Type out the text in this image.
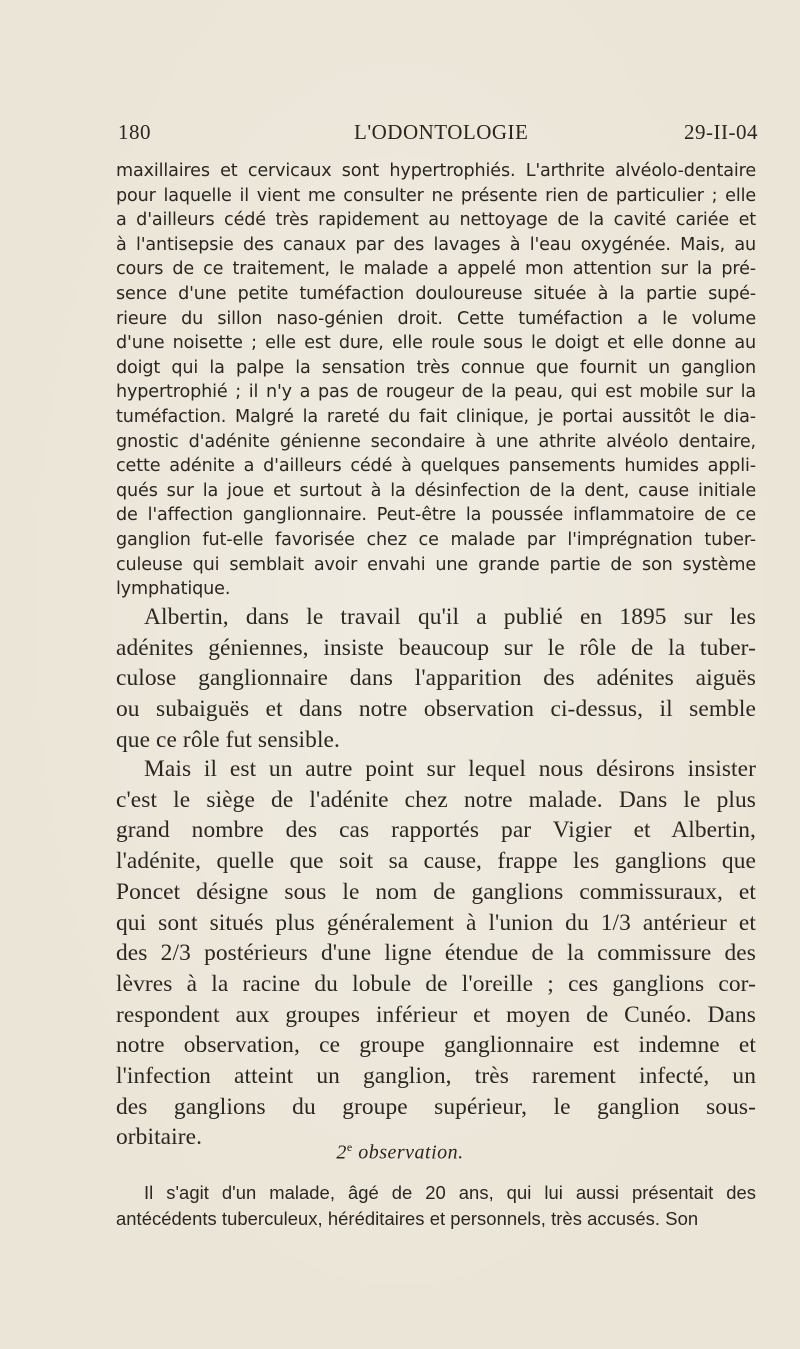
180	L'ODONTOLOGIE	29-II-04
maxillaires et cervicaux sont hypertrophiés. L'arthrite alvéolo-dentaire
pour laquelle il vient me consulter ne présente rien de particulier ; elle
a d'ailleurs cédé très rapidement au nettoyage de la cavité cariée et
à l'antisepsie des canaux par des lavages à l'eau oxygénée. Mais, au
cours de ce traitement, le malade a appelé mon attention sur la pré-
sence d'une petite tuméfaction douloureuse située à la partie supé-
rieure du sillon naso-génien droit. Cette tuméfaction a le volume
d'une noisette ; elle est dure, elle roule sous le doigt et elle donne au
doigt qui la palpe la sensation très connue que fournit un ganglion
hypertrophié ; il n'y a pas de rougeur de la peau, qui est mobile sur la
tuméfaction. Malgré la rareté du fait clinique, je portai aussitôt le dia-
gnostic d'adénite génienne secondaire à une athrite alvéolo dentaire,
cette adénite a d'ailleurs cédé à quelques pansements humides appli-
qués sur la joue et surtout à la désinfection de la dent, cause initiale
de l'affection ganglionnaire. Peut-être la poussée inflammatoire de ce
ganglion fut-elle favorisée chez ce malade par l'imprégnation tuber-
culeuse qui semblait avoir envahi une grande partie de son système
lymphatique.
Albertin, dans le travail qu'il a publié en 1895 sur les
adénites géniennes, insiste beaucoup sur le rôle de la tuber-
culose ganglionnaire dans l'apparition des adénites aiguës
ou subaiguës et dans notre observation ci-dessus, il semble
que ce rôle fut sensible.
Mais il est un autre point sur lequel nous désirons insister
c'est le siège de l'adénite chez notre malade. Dans le plus
grand nombre des cas rapportés par Vigier et Albertin,
l'adénite, quelle que soit sa cause, frappe les ganglions que
Poncet désigne sous le nom de ganglions commissuraux, et
qui sont situés plus généralement à l'union du 1/3 antérieur et
des 2/3 postérieurs d'une ligne étendue de la commissure des
lèvres à la racine du lobule de l'oreille ; ces ganglions cor-
respondent aux groupes inférieur et moyen de Cunéo. Dans
notre observation, ce groupe ganglionnaire est indemne et
l'infection atteint un ganglion, très rarement infecté, un
des ganglions du groupe supérieur, le ganglion sous-
orbitaire.
2e observation.
Il s'agit d'un malade, âgé de 20 ans, qui lui aussi présentait des
antécédents tuberculeux, héréditaires et personnels, très accusés. Son
